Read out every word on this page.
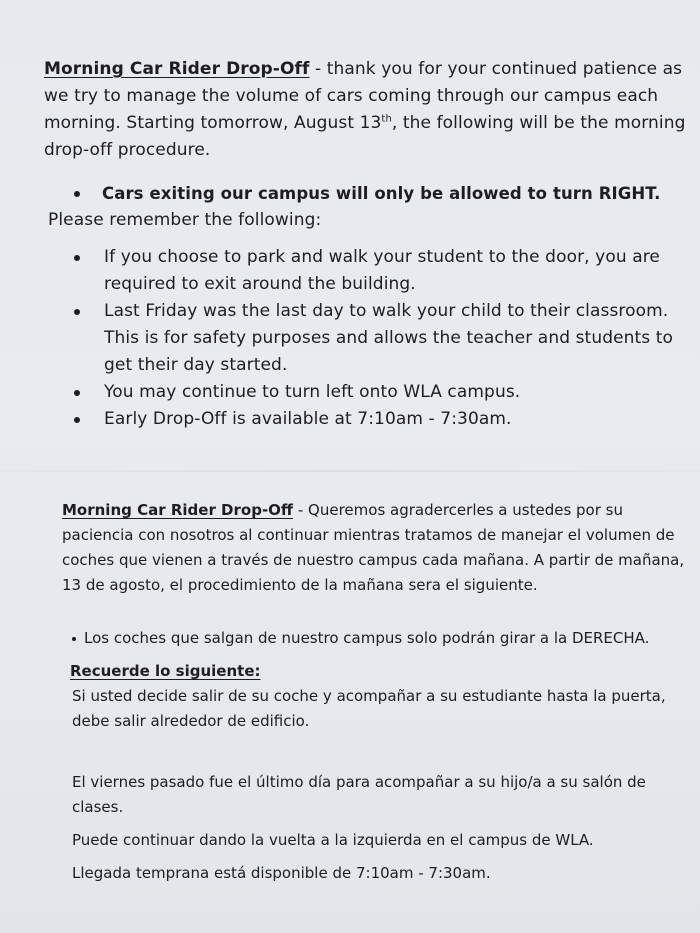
Morning Car Rider Drop-Off - thank you for your continued patience as we try to manage the volume of cars coming through our campus each morning. Starting tomorrow, August 13th, the following will be the morning drop-off procedure.

Cars exiting our campus will only be allowed to turn RIGHT.

Please remember the following:

If you choose to park and walk your student to the door, you are required to exit around the building.
Last Friday was the last day to walk your child to their classroom. This is for safety purposes and allows the teacher and students to get their day started.
You may continue to turn left onto WLA campus.
Early Drop-Off is available at 7:10am - 7:30am.

Morning Car Rider Drop-Off - Queremos agradercerles a ustedes por su paciencia con nosotros al continuar mientras tratamos de manejar el volumen de coches que vienen a través de nuestro campus cada mañana. A partir de mañana, 13 de agosto, el procedimiento de la mañana sera el siguiente.

Los coches que salgan de nuestro campus solo podrán girar a la DERECHA.

Recuerde lo siguiente:

Si usted decide salir de su coche y acompañar a su estudiante hasta la puerta, debe salir alrededor de edificio.

El viernes pasado fue el último día para acompañar a su hijo/a a su salón de clases.

Puede continuar dando la vuelta a la izquierda en el campus de WLA.

Llegada temprana está disponible de 7:10am - 7:30am.
